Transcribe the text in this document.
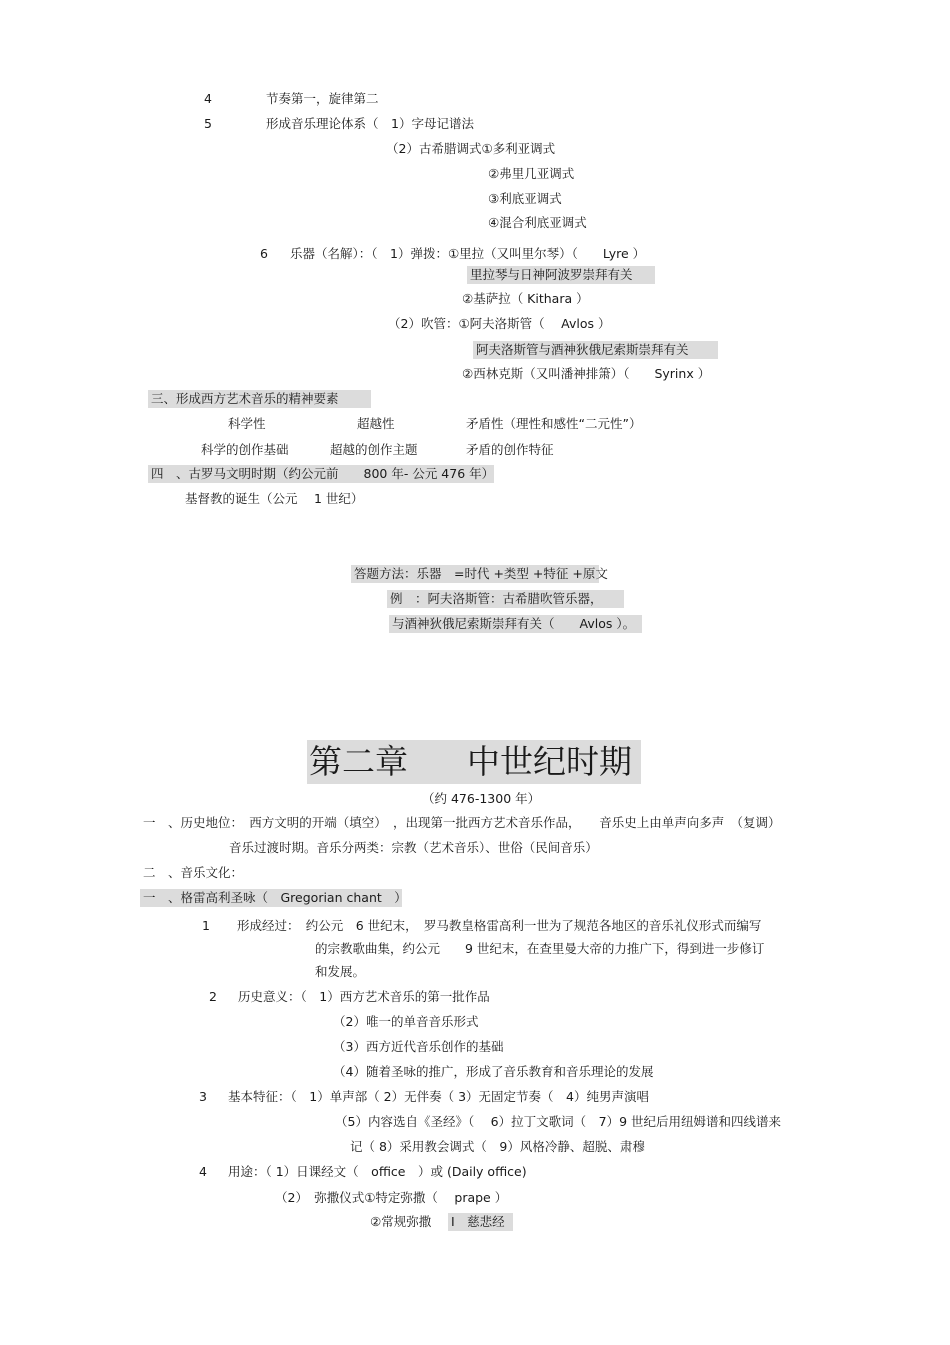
4	节奏第一，旋律第二
5	形成音乐理论体系（　1）字母记谱法
（2）古希腊调式①多利亚调式
②弗里几亚调式
③利底亚调式
④混合利底亚调式
6 乐器（名解）：（　1）弹拨：①里拉（又叫里尔琴）（　　Lyre ）
里拉琴与日神阿波罗崇拜有关
②基萨拉（ Kithara ）
（2）吹管：①阿夫洛斯管（　 Avlos ）
阿夫洛斯管与酒神狄俄尼索斯崇拜有关
②西林克斯（又叫潘神排箫）（　　Syrinx ）
三、形成西方艺术音乐的精神要素
科学性	超越性	矛盾性（理性和感性“二元性”）
科学的创作基础	超越的创作主题	矛盾的创作特征
四　、古罗马文明时期（约公元前　　800 年- 公元 476 年）
基督教的诞生（公元　 1 世纪）
答题方法：乐器　=时代 +类型 +特征 +原文
例　：阿夫洛斯管：古希腊吹管乐器，
与酒神狄俄尼索斯崇拜有关（　　Avlos ）。
第二章 中世纪时期
（约 476-1300 年）
一　、历史地位：　西方文明的开端（填空）　，出现第一批西方艺术音乐作品，　　音乐史上由单声向多声　（复调）
音乐过渡时期。音乐分两类：宗教（艺术音乐）、世俗（民间音乐）
二　、音乐文化：
一　、格雷高利圣咏（　Gregorian chant　）
1 形成经过：　约公元　6 世纪末，　罗马教皇格雷高利一世为了规范各地区的音乐礼仪形式而编写
的宗教歌曲集，约公元　　9 世纪末，在查里曼大帝的力推广下，得到进一步修订
和发展。
2 历史意义：（　1）西方艺术音乐的第一批作品
（2）唯一的单音音乐形式
（3）西方近代音乐创作的基础
（4）随着圣咏的推广，形成了音乐教育和音乐理论的发展
3 基本特征：（　1）单声部（ 2）无伴奏（ 3）无固定节奏（　4）纯男声演唱
（5）内容选自《圣经》（　 6）拉丁文歌词（　7）9 世纪后用纽姆谱和四线谱来
记（ 8）采用教会调式（　9）风格冷静、超脱、肃穆
4 用途：（ 1）日课经文（　office　）或 (Daily office)
（2）　弥撒仪式①特定弥撒（　 prape ）
②常规弥撒 Ⅰ　慈悲经
